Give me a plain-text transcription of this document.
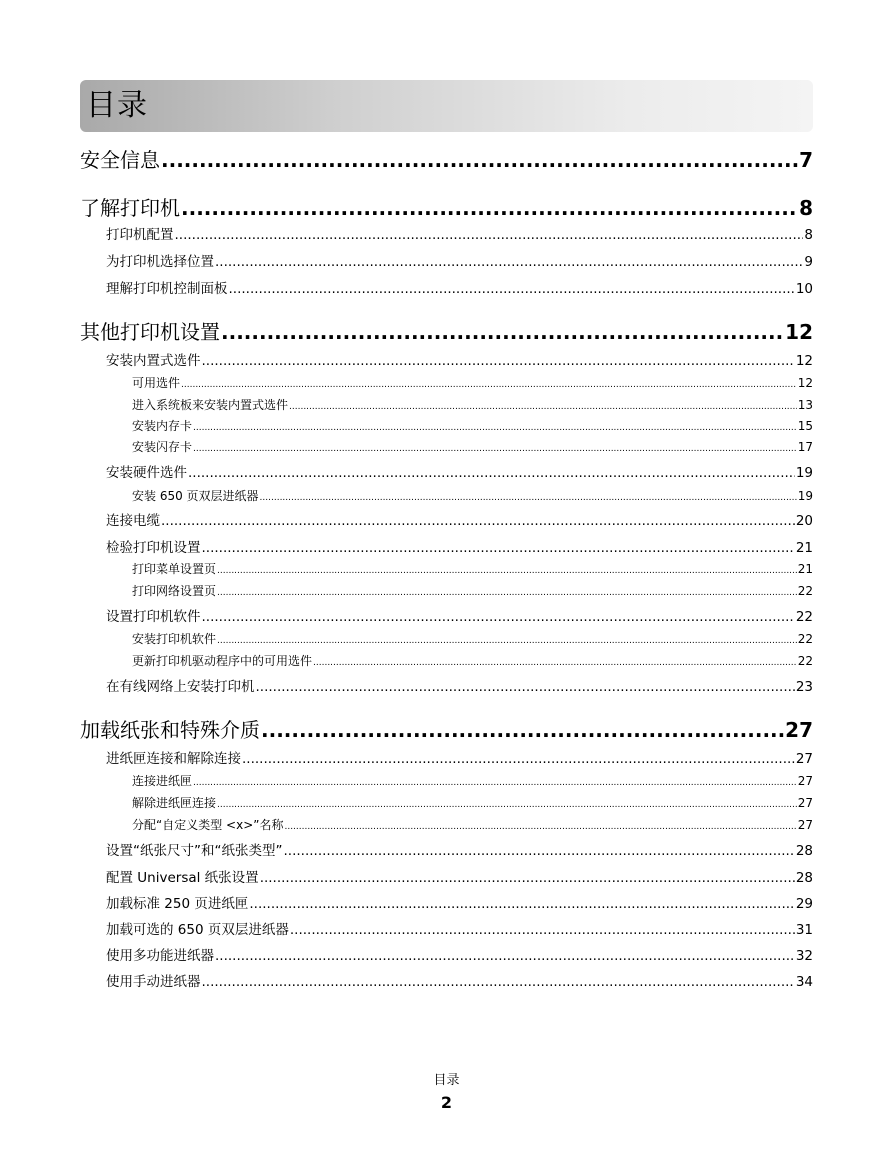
目录
安全信息 .....	7
了解打印机 .....	8
打印机配置 .....	8
为打印机选择位置 .....	9
理解打印机控制面板 .....	10
其他打印机设置 .....	12
安装内置式选件 .....	12
可用选件 .....	12
进入系统板来安装内置式选件 .....	13
安装内存卡 .....	15
安装闪存卡 .....	17
安装硬件选件 .....	19
安装 650 页双层进纸器 .....	19
连接电缆 .....	20
检验打印机设置 .....	21
打印菜单设置页 .....	21
打印网络设置页 .....	22
设置打印机软件 .....	22
安装打印机软件 .....	22
更新打印机驱动程序中的可用选件 .....	22
在有线网络上安装打印机 .....	23
加载纸张和特殊介质 .....	27
进纸匣连接和解除连接 .....	27
连接进纸匣 .....	27
解除进纸匣连接 .....	27
分配“自定义类型 <x>”名称 .....	27
设置“纸张尺寸”和“纸张类型” .....	28
配置 Universal 纸张设置 .....	28
加载标准 250 页进纸匣 .....	29
加载可选的 650 页双层进纸器 .....	31
使用多功能进纸器 .....	32
使用手动进纸器 .....	34
目录
2
